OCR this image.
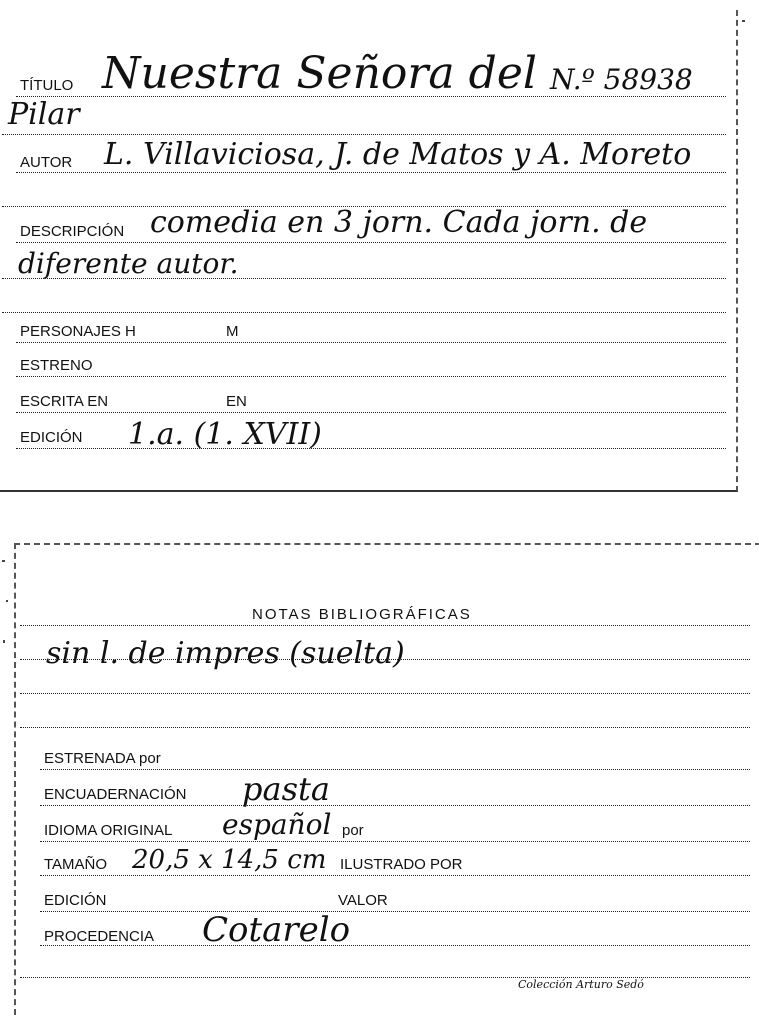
TÍTULO Nuestra Señora del N.º 58938
Pilar
AUTOR L. Villaviciosa, J. de Matos y A. Moreto
DESCRIPCIÓN comedia en 3 jorn. Cada jorn. de
diferente autor.
PERSONAJES H	M
ESTRENO
ESCRITA EN	EN
EDICIÓN 1.a. (1. XVII)
NOTAS BIBLIOGRÁFICAS
sin l. de impres (suelta)
ESTRENADA por
ENCUADERNACIÓN pasta
IDIOMA ORIGINAL español por
TAMAÑO 20,5 x 14,5 cm ILUSTRADO POR
EDICIÓN	VALOR
PROCEDENCIA Cotarelo
Colección Arturo Sedó
